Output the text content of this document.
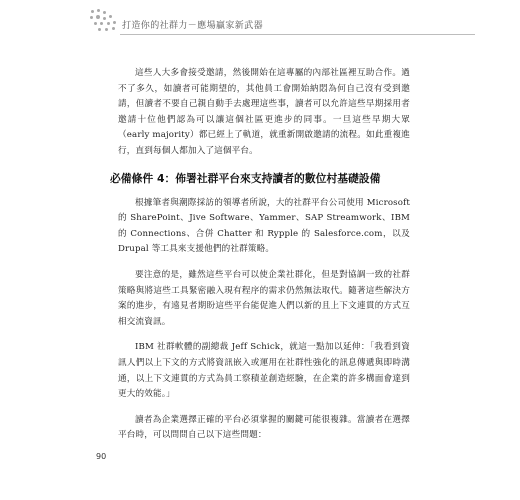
打造你的社群力－應場贏家新武器

這些人大多會接受邀請，然後開始在這專屬的內部社區裡互助合作。過不了多久，如讀者可能期望的，其他員工會開始納悶為何自己沒有受到邀請，但讀者不要自己親自動手去處理這些事，讀者可以允許這些早期採用者邀請十位他們認為可以讓這個社區更進步的同事。一旦這些早期大眾（early majority）都已經上了軌道，就重新開啟邀請的流程。如此重複進行，直到每個人都加入了這個平台。

必備條件 4：佈署社群平台來支持讀者的數位村基礎設備

根據筆者與潮際採訪的領導者所說，大的社群平台公司使用 Microsoft 的 SharePoint、Jive Software、Yammer、SAP Streamwork、IBM 的 Connections、合併 Chatter 和 Rypple 的 Salesforce.com，以及 Drupal 等工具來支援他們的社群策略。

要注意的是，雖然這些平台可以使企業社群化，但是對協調一致的社群策略與將這些工具緊密融入現有程序的需求仍然無法取代。隨著這些解決方案的進步，有遠見者期盼這些平台能促進人們以新的且上下文連貫的方式互相交流資訊。

IBM 社群軟體的副總裁 Jeff Schick，就這一點加以延伸：「我看到資訊人們以上下文的方式將資訊嵌入或運用在社群性強化的訊息傳遞與即時溝通，以上下文連貫的方式為員工察積並創造經驗，在企業的許多構面會達到更大的效能。」

讀者為企業選擇正確的平台必須掌握的關鍵可能很複雜。當讀者在選擇平台時，可以問問自己以下這些問題：

90
